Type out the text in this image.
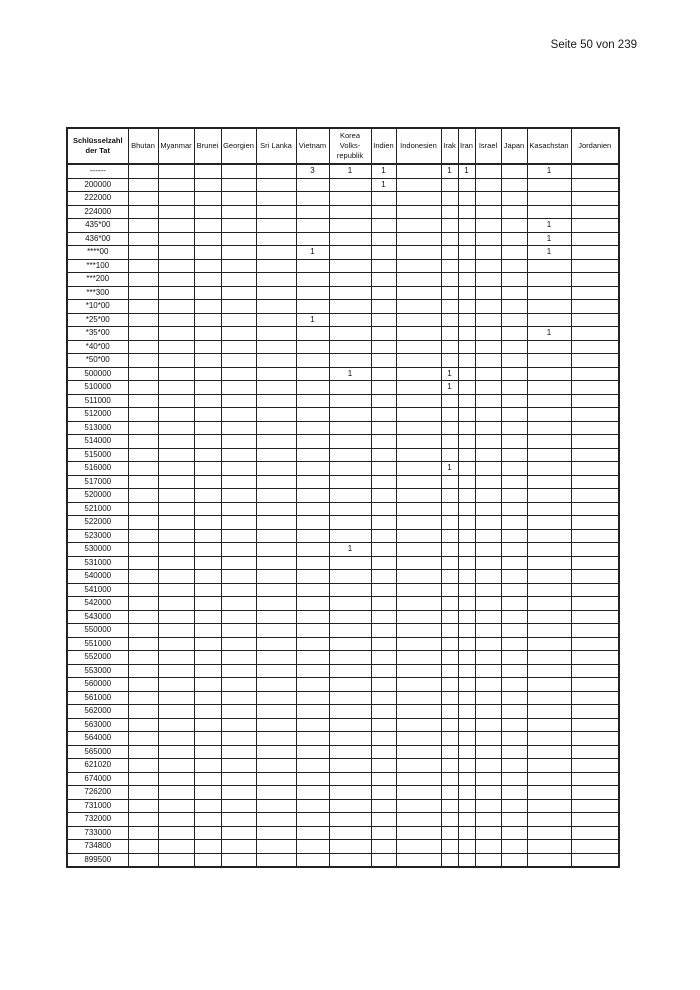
Seite 50 von 239
Schlüsselzahl der Tat	Bhutan	Myanmar	Brunei	Georgien	Sri Lanka	Vietnam	Korea Volks-republik	Indien	Indonesien	Irak	Iran	Israel	Japan	Kasachstan	Jordanien
------						3	1	1		1	1			1	
200000								1							
222000															
224000															
435*00														1	
436*00														1	
****00						1								1	
***100															
***200															
***300															
*10*00															
*25*00						1									
*35*00														1	
*40*00															
*50*00															
500000							1			1					
510000										1					
511000															
512000															
513000															
514000															
515000															
516000										1					
517000															
520000															
521000															
522000															
523000															
530000							1								
531000															
540000															
541000															
542000															
543000															
550000															
551000															
552000															
553000															
560000															
561000															
562000															
563000															
564000															
565000															
621020															
674000															
726200															
731000															
732000															
733000															
734800															
899500															
